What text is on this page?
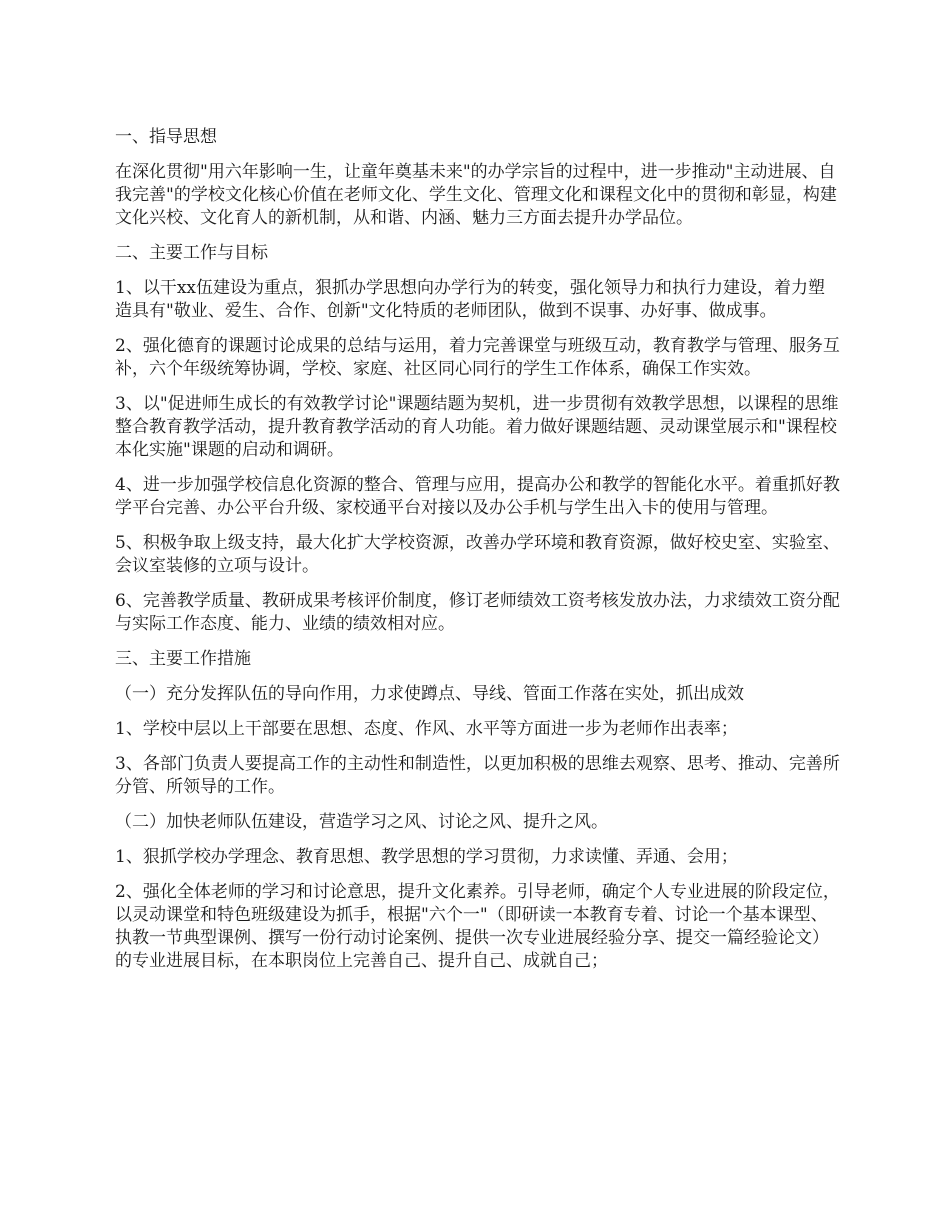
一、指导思想

在深化贯彻"用六年影响一生，让童年奠基未来"的办学宗旨的过程中，进一步推动"主动进展、自我完善"的学校文化核心价值在老师文化、学生文化、管理文化和课程文化中的贯彻和彰显，构建文化兴校、文化育人的新机制，从和谐、内涵、魅力三方面去提升办学品位。

二、主要工作与目标

1、以干xx伍建设为重点，狠抓办学思想向办学行为的转变，强化领导力和执行力建设，着力塑造具有"敬业、爱生、合作、创新"文化特质的老师团队，做到不误事、办好事、做成事。

2、强化德育的课题讨论成果的总结与运用，着力完善课堂与班级互动，教育教学与管理、服务互补，六个年级统筹协调，学校、家庭、社区同心同行的学生工作体系，确保工作实效。

3、以"促进师生成长的有效教学讨论"课题结题为契机，进一步贯彻有效教学思想，以课程的思维整合教育教学活动，提升教育教学活动的育人功能。着力做好课题结题、灵动课堂展示和"课程校本化实施"课题的启动和调研。

4、进一步加强学校信息化资源的整合、管理与应用，提高办公和教学的智能化水平。着重抓好教学平台完善、办公平台升级、家校通平台对接以及办公手机与学生出入卡的使用与管理。

5、积极争取上级支持，最大化扩大学校资源，改善办学环境和教育资源，做好校史室、实验室、会议室装修的立项与设计。

6、完善教学质量、教研成果考核评价制度，修订老师绩效工资考核发放办法，力求绩效工资分配与实际工作态度、能力、业绩的绩效相对应。

三、主要工作措施

（一）充分发挥队伍的导向作用，力求使蹲点、导线、管面工作落在实处，抓出成效

1、学校中层以上干部要在思想、态度、作风、水平等方面进一步为老师作出表率；

3、各部门负责人要提高工作的主动性和制造性，以更加积极的思维去观察、思考、推动、完善所分管、所领导的工作。

（二）加快老师队伍建设，营造学习之风、讨论之风、提升之风。

1、狠抓学校办学理念、教育思想、教学思想的学习贯彻，力求读懂、弄通、会用；

2、强化全体老师的学习和讨论意思，提升文化素养。引导老师，确定个人专业进展的阶段定位，以灵动课堂和特色班级建设为抓手，根据"六个一"（即研读一本教育专着、讨论一个基本课型、执教一节典型课例、撰写一份行动讨论案例、提供一次专业进展经验分享、提交一篇经验论文）的专业进展目标，在本职岗位上完善自己、提升自己、成就自己；
